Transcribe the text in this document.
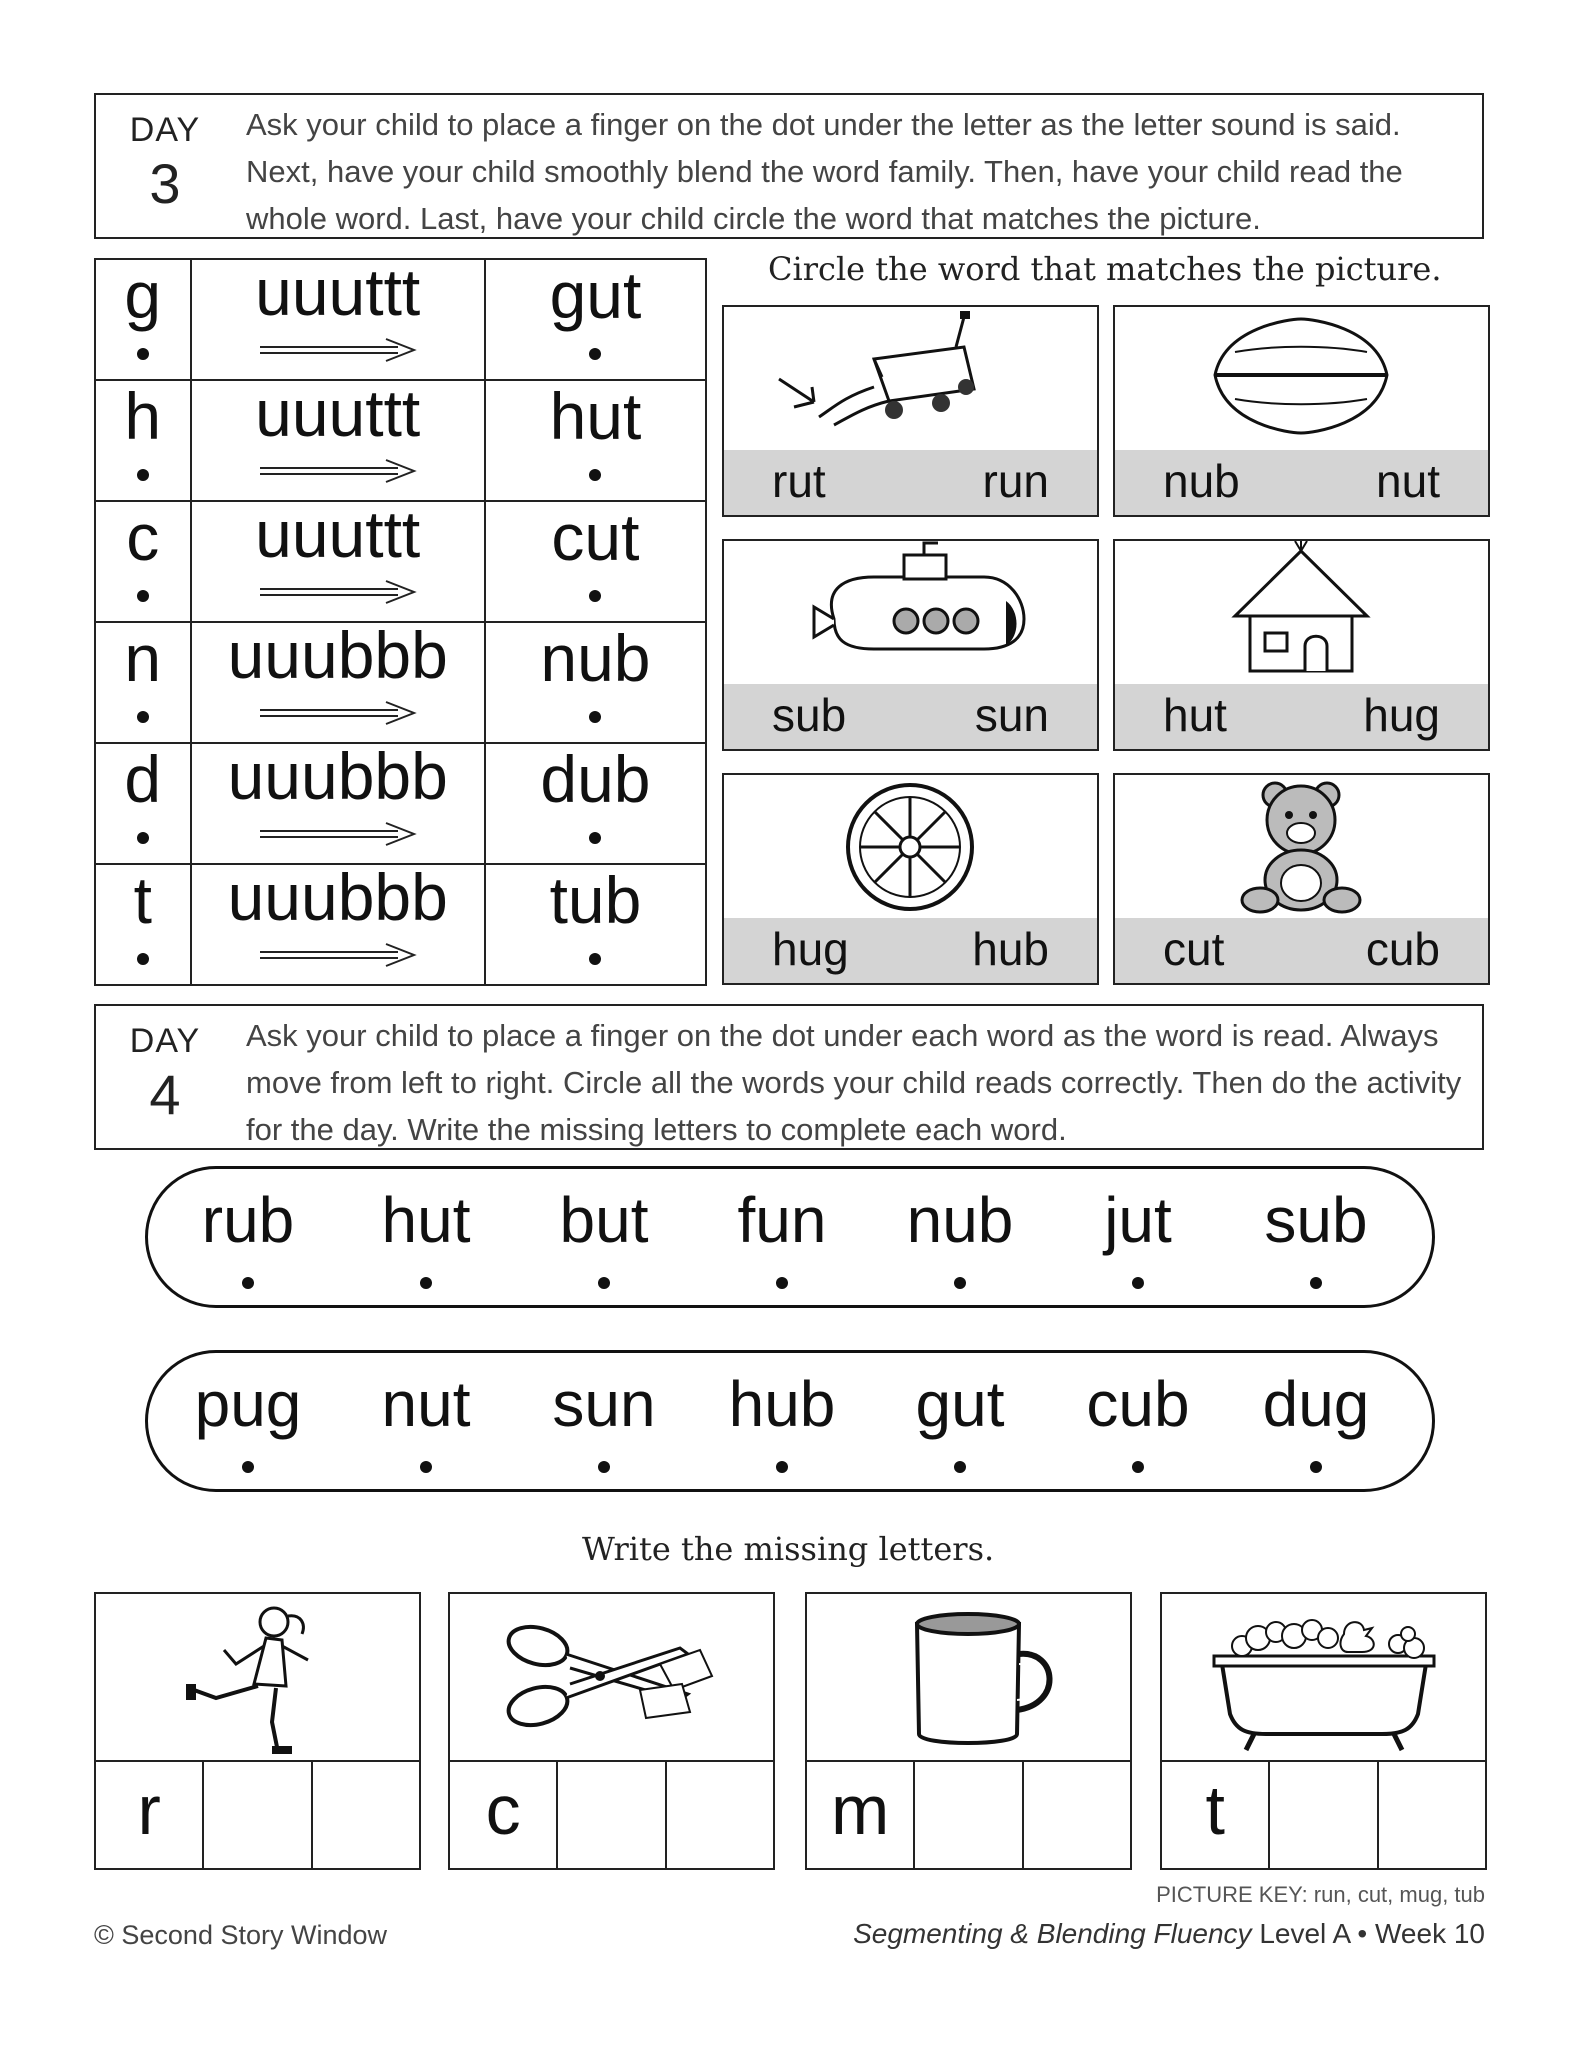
DAY
3
Ask your child to place a finger on the dot under the letter as the letter sound is said. Next, have your child smoothly blend the word family. Then, have your child read the whole word. Last, have your child circle the word that matches the picture.
g	uuuttt	gut

h	uuuttt	hut

c	uuuttt	cut

n	uuubbb	nub

d	uuubbb	dub

t	uuubbb	tub
Circle the word that matches the picture.
rut	run nub	nut
sub	sun hut	hug
hug	hub cut	cub
DAY
4
Ask your child to place a finger on the dot under each word as the word is read. Always move from left to right. Circle all the words your child reads correctly. Then do the activity for the day. Write the missing letters to complete each word.
rub	hut	but	fun	nub	jut	sub
pug	nut	sun	hub	gut	cub	dug
Write the missing letters.
r	c	m	t
PICTURE KEY: run, cut, mug, tub
© Second Story Window	Segmenting & Blending Fluency Level A • Week 10
